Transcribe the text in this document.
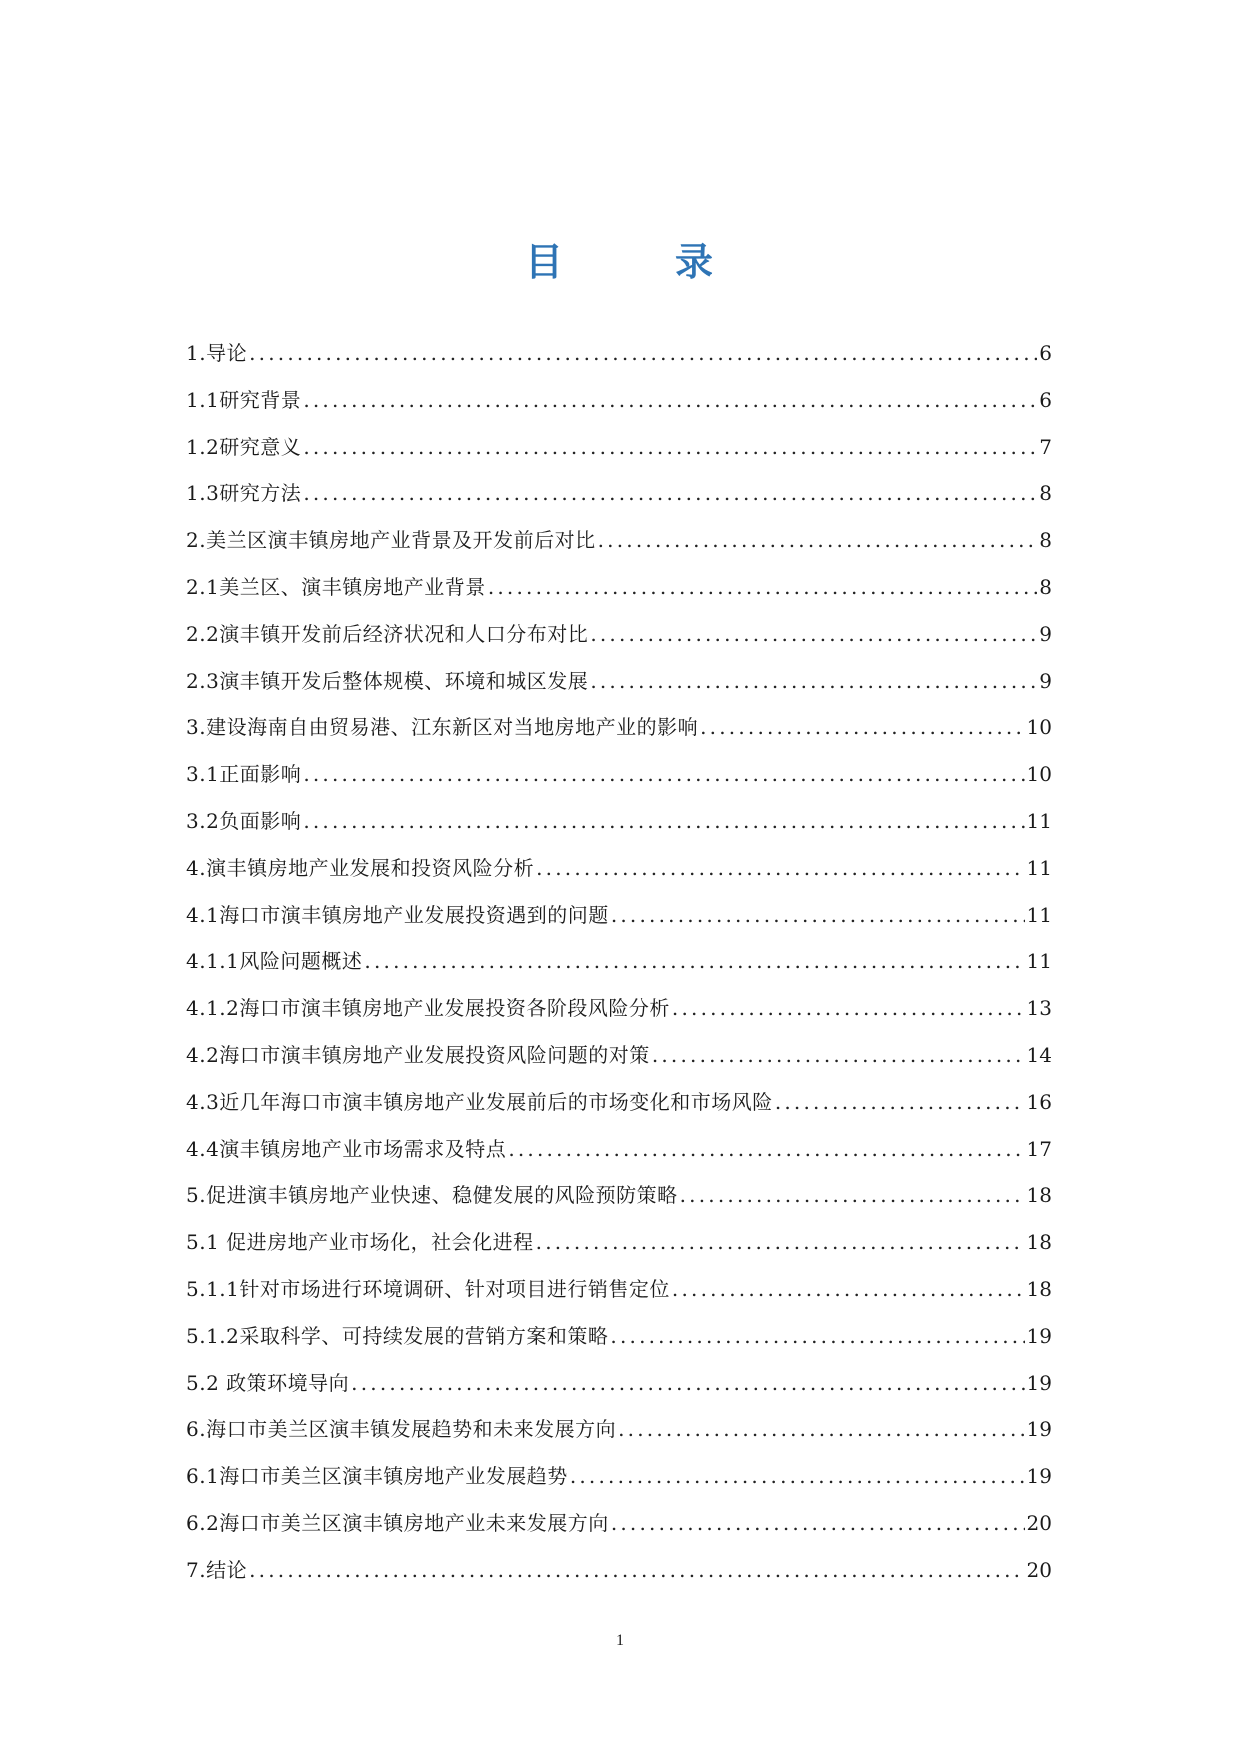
目	录
1.导论 .....	6
1.1研究背景 .....	6
1.2研究意义 .....	7
1.3研究方法 .....	8
2.美兰区演丰镇房地产业背景及开发前后对比 .....	8
2.1美兰区、演丰镇房地产业背景 .....	8
2.2演丰镇开发前后经济状况和人口分布对比 .....	9
2.3演丰镇开发后整体规模、环境和城区发展 .....	9
3.建设海南自由贸易港、江东新区对当地房地产业的影响 .....	10
3.1正面影响 .....	10
3.2负面影响 .....	11
4.演丰镇房地产业发展和投资风险分析 .....	11
4.1海口市演丰镇房地产业发展投资遇到的问题 .....	11
4.1.1风险问题概述 .....	11
4.1.2海口市演丰镇房地产业发展投资各阶段风险分析 .....	13
4.2海口市演丰镇房地产业发展投资风险问题的对策 .....	14
4.3近几年海口市演丰镇房地产业发展前后的市场变化和市场风险 .....	16
4.4演丰镇房地产业市场需求及特点 .....	17
5.促进演丰镇房地产业快速、稳健发展的风险预防策略 .....	18
5.1 促进房地产业市场化，社会化进程 .....	18
5.1.1针对市场进行环境调研、针对项目进行销售定位 .....	18
5.1.2采取科学、可持续发展的营销方案和策略 .....	19
5.2 政策环境导向 .....	19
6.海口市美兰区演丰镇发展趋势和未来发展方向 .....	19
6.1海口市美兰区演丰镇房地产业发展趋势 .....	19
6.2海口市美兰区演丰镇房地产业未来发展方向 .....	20
7.结论 .....	20
1
